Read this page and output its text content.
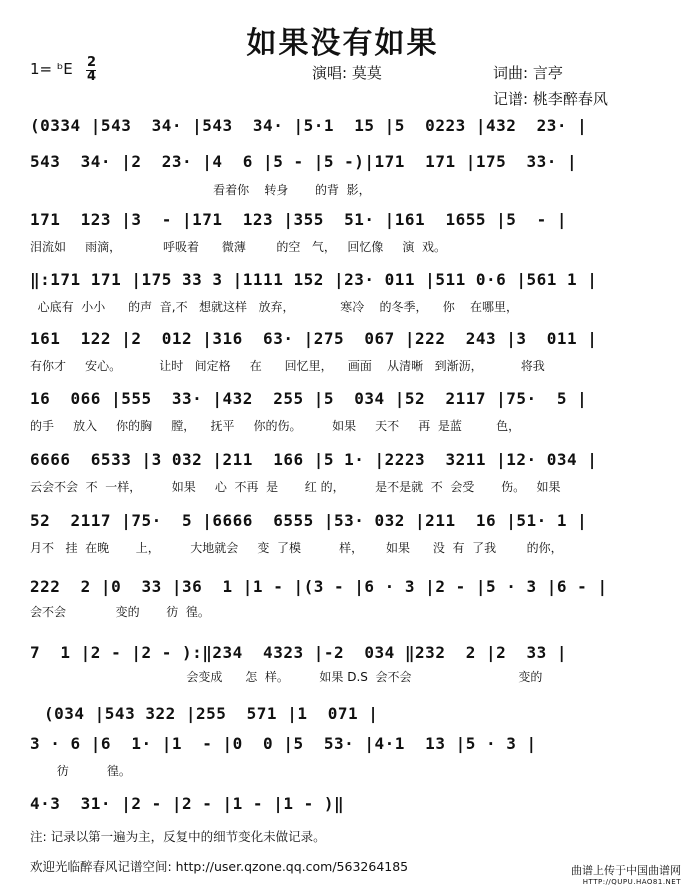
如果没有如果
1= ᵇE 2
4	演唱: 莫莫	词曲: 言亭
记谱: 桃李醉春风
(0334 |543  34· |543  34· |5·1  15 |5  0223 |432  23· |
543  34· |2  23· |4  6 |5 - |5 -)|171  171 |175  33· |
看着你    转身       的背  影，
171  123 |3  - |171  123 |355  51· |161  1655 |5  - |
泪流如     雨滴，           呼吸着      微薄        的空   气，   回忆像     演  戏。
‖:171 171 |175 33 3 |1111 152 |23· 011 |511 0·6 |561 1 |
心底有  小小      的声  音,不   想就这样   放弃，            寒冷    的冬季，    你    在哪里，
161  122 |2  012 |316  63· |275  067 |222  243 |3  011 |
有你才     安心。          让时   间定格     在      回忆里，    画面    从清晰   到渐沥，          将我
16  066 |555  33· |432  255 |5  034 |52  2117 |75·  5 |
的手     放入     你的胸     膛，    抚平     你的伤。        如果     天不     再  是蓝         色，
6666  6533 |3 032 |211  166 |5 1· |2223  3211 |12· 034 |
云会不会  不  一样，        如果     心  不再  是       红 的，        是不是就  不  会受       伤。   如果
52  2117 |75·  5 |6666  6555 |53· 032 |211  16 |51· 1 |
月不   挂  在晚       上，        大地就会     变  了模          样，      如果      没  有  了我        的你，
222  2 |0  33 |36  1 |1 - |(3 - |6 · 3 |2 - |5 · 3 |6 - |
会不会             变的       彷  徨。
7  1 |2 - |2 - ):‖234  4323 |-2  034 ‖232  2 |2  33 |
会变成      怎  样。        如果 D.S  会不会                            变的
(034 |543 322 |255  571 |1  071 |
3 · 6 |6  1· |1  - |0  0 |5  53· |4·1  13 |5 · 3 |
彷          徨。
4·3  31· |2 - |2 - |1 - |1 - )‖
注: 记录以第一遍为主，反复中的细节变化未做记录。
欢迎光临醉春风记谱空间: http://user.qzone.qq.com/563264185	曲谱上传于中国曲谱网
HTTP://QUPU.HAO81.NET
